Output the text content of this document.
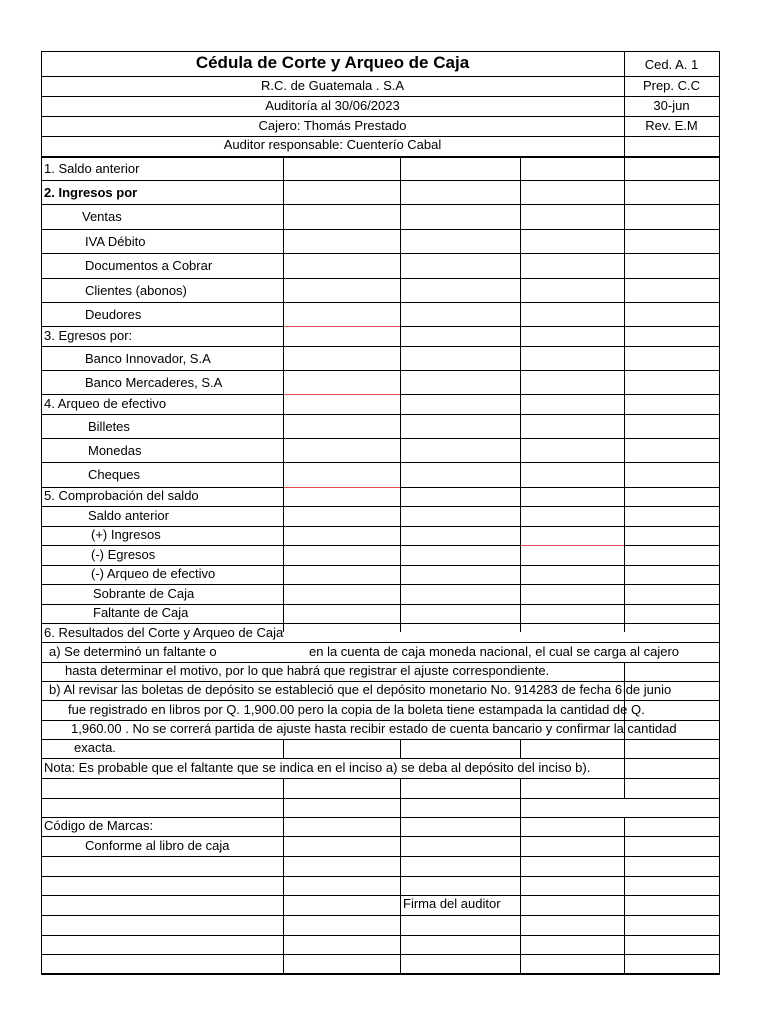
Cédula de Corte y Arqueo de Caja
R.C. de Guatemala . S.A
Auditoría al 30/06/2023
Cajero: Thomás Prestado
Auditor responsable: Cuenterío Cabal
Ced. A. 1
Prep. C.C
30-jun
Rev. E.M
1. Saldo anterior
2. Ingresos por
Ventas
IVA Débito
Documentos a Cobrar
Clientes (abonos)
Deudores
3. Egresos por:
Banco Innovador, S.A
Banco Mercaderes, S.A
4. Arqueo de efectivo
Billetes
Monedas
Cheques
5. Comprobación del saldo
Saldo anterior
(+) Ingresos
(-) Egresos
(-) Arqueo de efectivo
Sobrante de Caja
Faltante de Caja
6. Resultados del Corte y Arqueo de Caja
a) Se determinó un faltante o	en la cuenta de caja moneda nacional, el cual se carga al cajero
hasta determinar el motivo, por lo que habrá que registrar el ajuste correspondiente.
b) Al revisar las boletas de depósito se estableció que el depósito monetario No. 914283 de fecha 6 de junio
fue registrado en libros por Q. 1,900.00 pero la copia de la boleta tiene estampada la cantidad de Q.
1,960.00 . No se correrá partida de ajuste hasta recibir estado de cuenta bancario y confirmar la cantidad
exacta.
Nota: Es probable que el faltante que se indica en el inciso a) se deba al depósito del inciso b).
Código de Marcas:
Conforme al libro de caja
Firma del auditor
